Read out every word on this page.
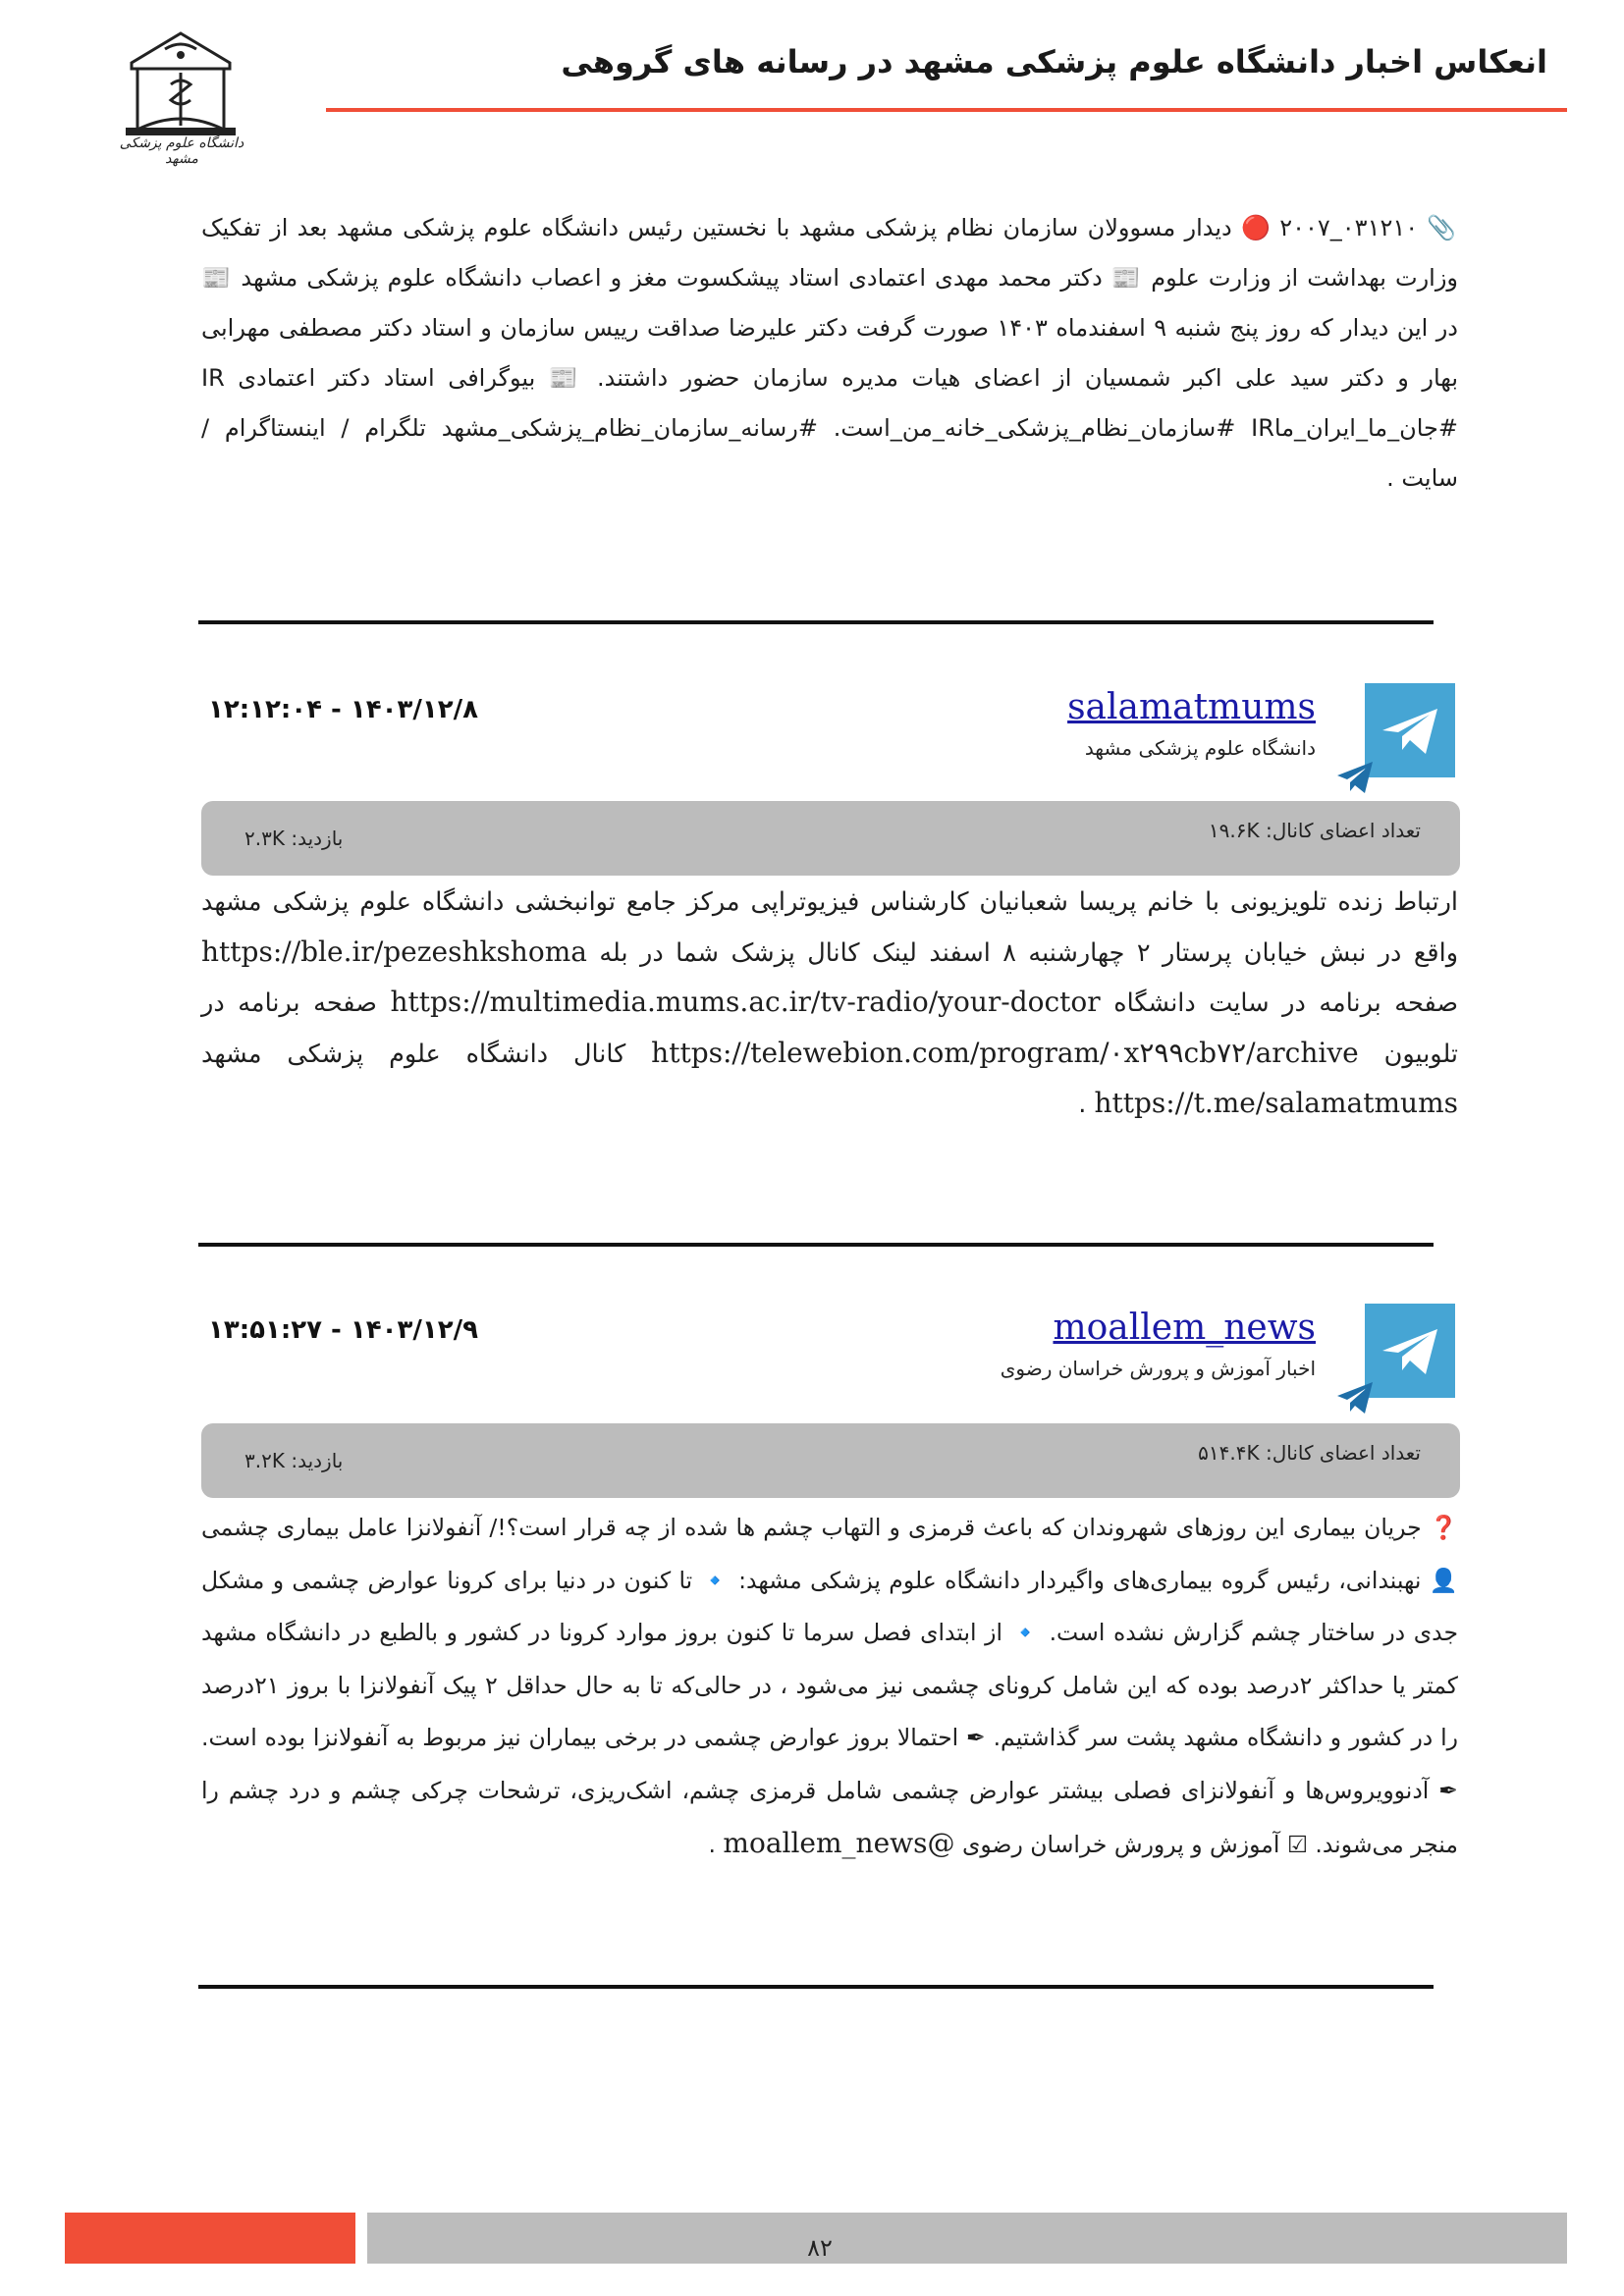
انعکاس اخبار دانشگاه علوم پزشکی مشهد در رسانه های گروهی
دانشگاه علوم پزشکی مشهد
📎 ۰۳۱۲۱۰_۲۰۰۷ 🔴 دیدار مسوولان سازمان نظام پزشکی مشهد با نخستین رئیس دانشگاه علوم پزشکی مشهد بعد از تفکیک وزارت بهداشت از وزارت علوم 📰 دکتر محمد مهدی اعتمادی استاد پیشکسوت مغز و اعصاب دانشگاه علوم پزشکی مشهد 📰 در این دیدار که روز پنج شنبه ۹ اسفندماه ۱۴۰۳ صورت گرفت دکتر علیرضا صداقت رییس سازمان و استاد دکتر مصطفی مهرابی بهار و دکتر سید علی اکبر شمسیان از اعضای هیات مدیره سازمان حضور داشتند. 📰 بیوگرافی استاد دکتر اعتمادی IR #جان_ما_ایران_ماIR #سازمان_نظام_پزشکی_خانه_من_است. #رسانه_سازمان_نظام_پزشکی_مشهد تلگرام / اینستاگرام / سایت .
salamatmums
دانشگاه علوم پزشکی مشهد
۱۲:۱۲:۰۴ - ۱۴۰۳/۱۲/۸
تعداد اعضای کانال: ۱۹.۶K
بازدید: ۲.۳K
ارتباط زنده تلویزیونی با خانم پریسا شعبانیان کارشناس فیزیوتراپی مرکز جامع توانبخشی دانشگاه علوم پزشکی مشهد واقع در نبش خیابان پرستار ۲ چهارشنبه ۸ اسفند لینک کانال پزشک شما در بله https://ble.ir/pezeshkshoma صفحه برنامه در سایت دانشگاه https://multimedia.mums.ac.ir/tv-radio/your-doctor صفحه برنامه در تلوبیون https://telewebion.com/program/۰x۲۹۹cb۷۲/archive کانال دانشگاه علوم پزشکی مشهد https://t.me/salamatmums .
moallem_news
اخبار آموزش و پرورش خراسان رضوی
۱۳:۵۱:۲۷ - ۱۴۰۳/۱۲/۹
تعداد اعضای کانال: ۵۱۴.۴K
بازدید: ۳.۲K
❓ جریان بیماری این روزهای شهروندان که باعث قرمزی و التهاب چشم ها شده از چه قرار است؟!/ آنفولانزا عامل بیماری چشمی 👤 نهبندانی، رئیس گروه بیماری‌های واگیردار دانشگاه علوم پزشکی مشهد: 🔹 تا کنون در دنیا برای کرونا عوارض چشمی و مشکل جدی در ساختار چشم گزارش نشده است. 🔹 از ابتدای فصل سرما تا کنون بروز موارد کرونا در کشور و بالطبع در دانشگاه مشهد کمتر یا حداکثر ۲درصد بوده که این شامل کرونای چشمی نیز می‌شود ، در حالی‌که تا به حال حداقل ۲ پیک آنفولانزا با بروز ۲۱درصد را در کشور و دانشگاه مشهد پشت سر گذاشتیم. ✒ احتمالا بروز عوارض چشمی در برخی بیماران نیز مربوط به آنفولانزا بوده است. ✒ آدنوویروس‌ها و آنفولانزای فصلی بیشتر عوارض چشمی شامل قرمزی چشم، اشک‌ریزی، ترشحات چرکی چشم و درد چشم را منجر می‌شوند. ☑ آموزش و پرورش خراسان رضوی @moallem_news .
۸۲
